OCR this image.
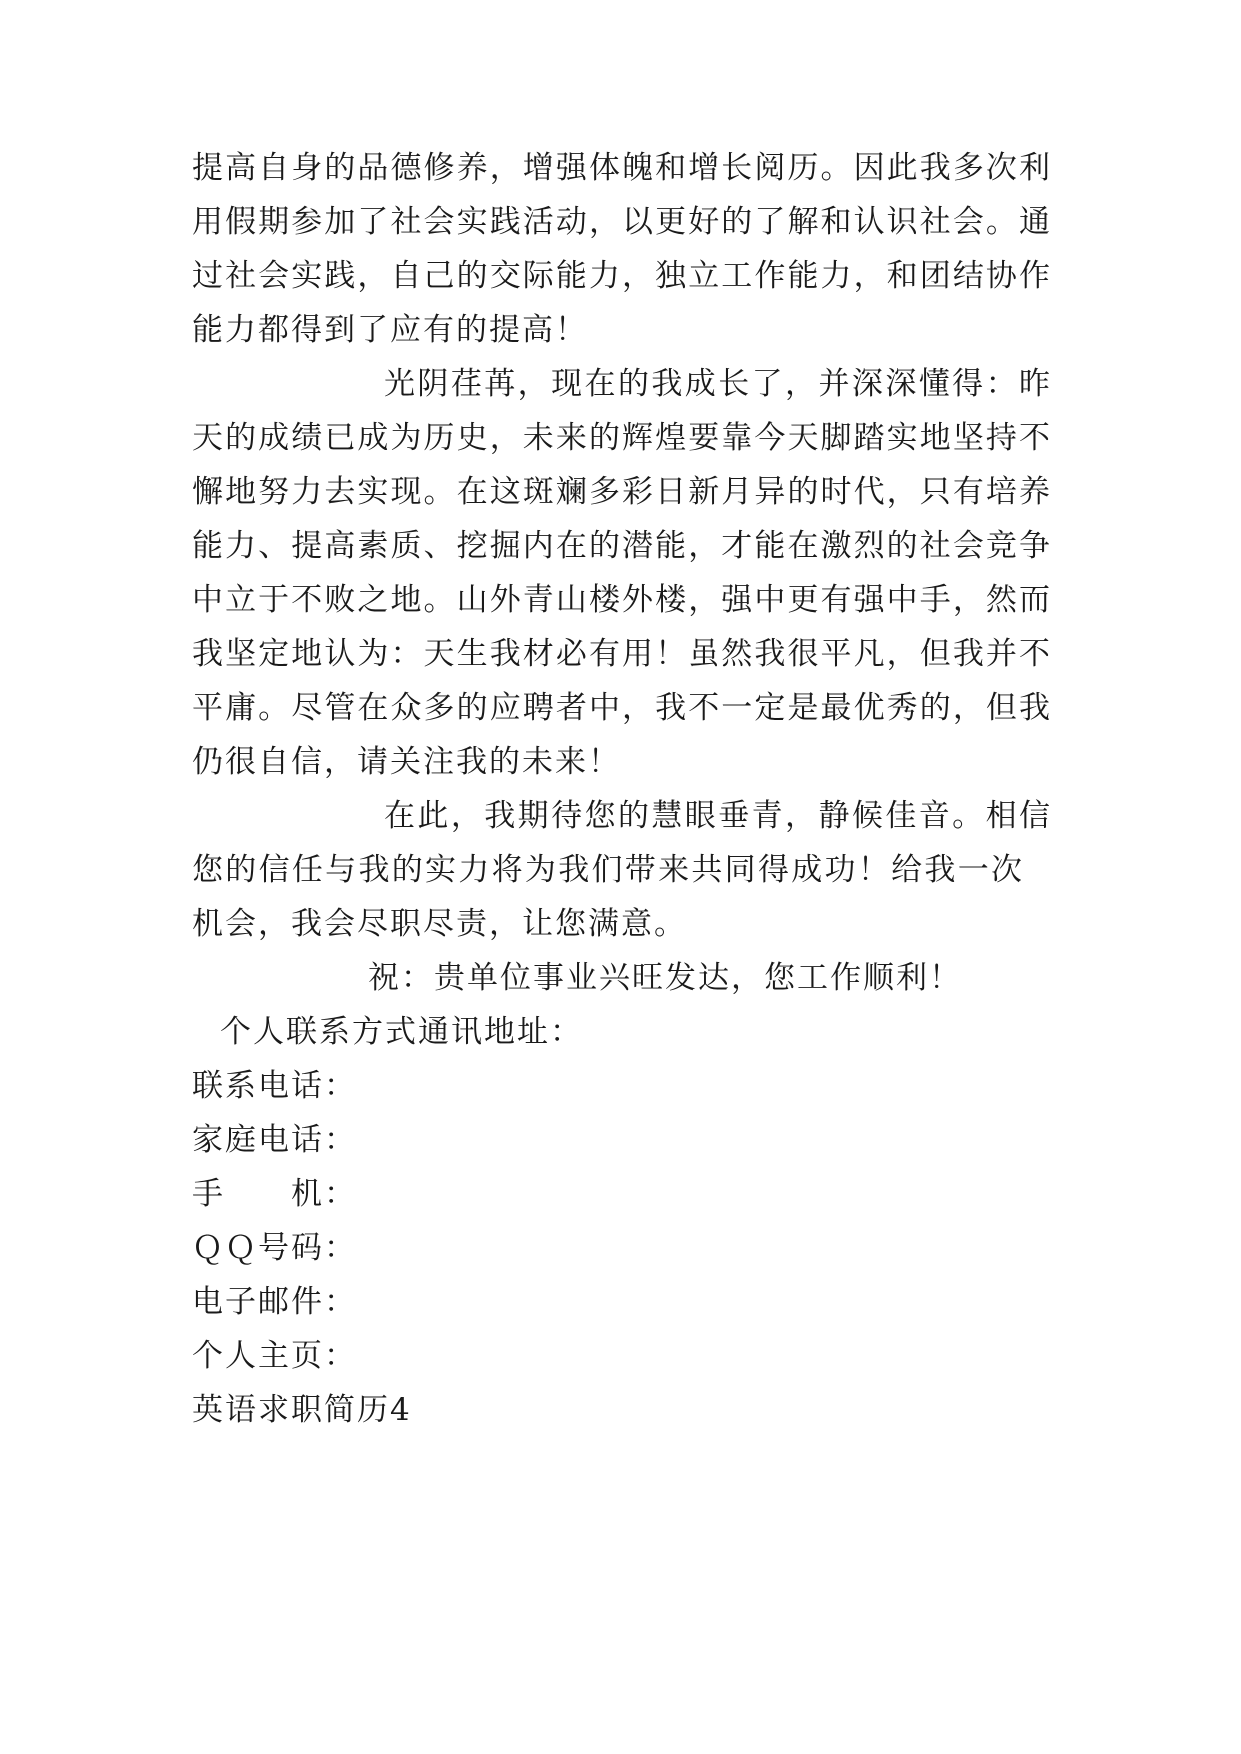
提高自身的品德修养，增强体魄和增长阅历。因此我多次利
用假期参加了社会实践活动，以更好的了解和认识社会。通
过社会实践，自己的交际能力，独立工作能力，和团结协作
能力都得到了应有的提高！
光阴荏苒，现在的我成长了，并深深懂得：昨
天的成绩已成为历史，未来的辉煌要靠今天脚踏实地坚持不
懈地努力去实现。在这斑斓多彩日新月异的时代，只有培养
能力、提高素质、挖掘内在的潜能，才能在激烈的社会竞争
中立于不败之地。山外青山楼外楼，强中更有强中手，然而
我坚定地认为：天生我材必有用！虽然我很平凡，但我并不
平庸。尽管在众多的应聘者中，我不一定是最优秀的，但我
仍很自信，请关注我的未来！
在此，我期待您的慧眼垂青，静候佳音。相信
您的信任与我的实力将为我们带来共同得成功！给我一次
机会，我会尽职尽责，让您满意。
祝：贵单位事业兴旺发达，您工作顺利！
个人联系方式通讯地址：
联系电话：
家庭电话：
手　　机：
ＱＱ号码：
电子邮件：
个人主页：
英语求职简历4
